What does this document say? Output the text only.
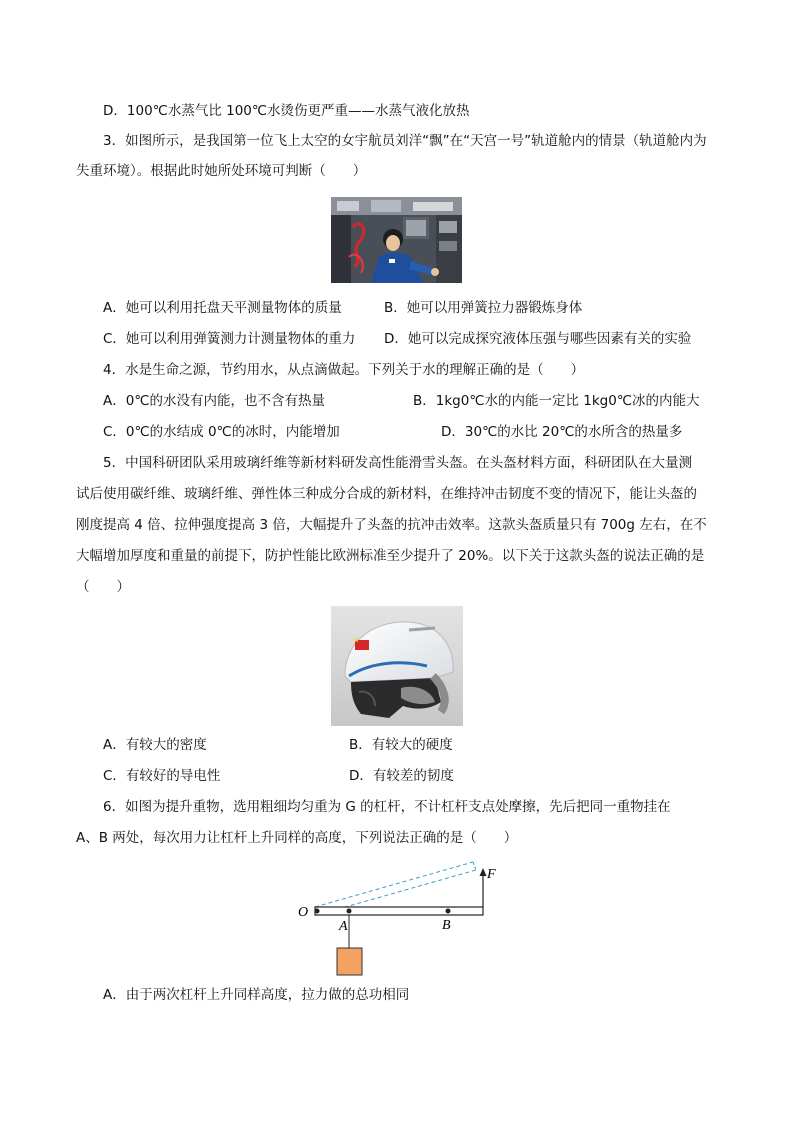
D．100℃水蒸气比 100℃水烫伤更严重——水蒸气液化放热
3．如图所示，是我国第一位飞上太空的女宇航员刘洋“飘”在“天宫一号”轨道舱内的情景（轨道舱内为
失重环境）。根据此时她所处环境可判断（　　）
A．她可以利用托盘天平测量物体的质量	B．她可以用弹簧拉力器锻炼身体
C．她可以利用弹簧测力计测量物体的重力 D．她可以完成探究液体压强与哪些因素有关的实验
4．水是生命之源，节约用水，从点滴做起。下列关于水的理解正确的是（　　）
A．0℃的水没有内能，也不含有热量	B．1kg0℃水的内能一定比 1kg0℃冰的内能大
C．0℃的水结成 0℃的冰时，内能增加	D．30℃的水比 20℃的水所含的热量多
5．中国科研团队采用玻璃纤维等新材料研发高性能滑雪头盔。在头盔材料方面，科研团队在大量测
试后使用碳纤维、玻璃纤维、弹性体三种成分合成的新材料，在维持冲击韧度不变的情况下，能让头盔的
刚度提高 4 倍、拉伸强度提高 3 倍，大幅提升了头盔的抗冲击效率。这款头盔质量只有 700g 左右，在不
大幅增加厚度和重量的前提下，防护性能比欧洲标准至少提升了 20%。以下关于这款头盔的说法正确的是
（　　）
A．有较大的密度	B．有较大的硬度
C．有较好的导电性	D．有较差的韧度
6．如图为提升重物，选用粗细均匀重为 G 的杠杆，不计杠杆支点处摩擦，先后把同一重物挂在
A、B 两处，每次用力让杠杆上升同样的高度，下列说法正确的是（　　）
O
A	B
F
A．由于两次杠杆上升同样高度，拉力做的总功相同
